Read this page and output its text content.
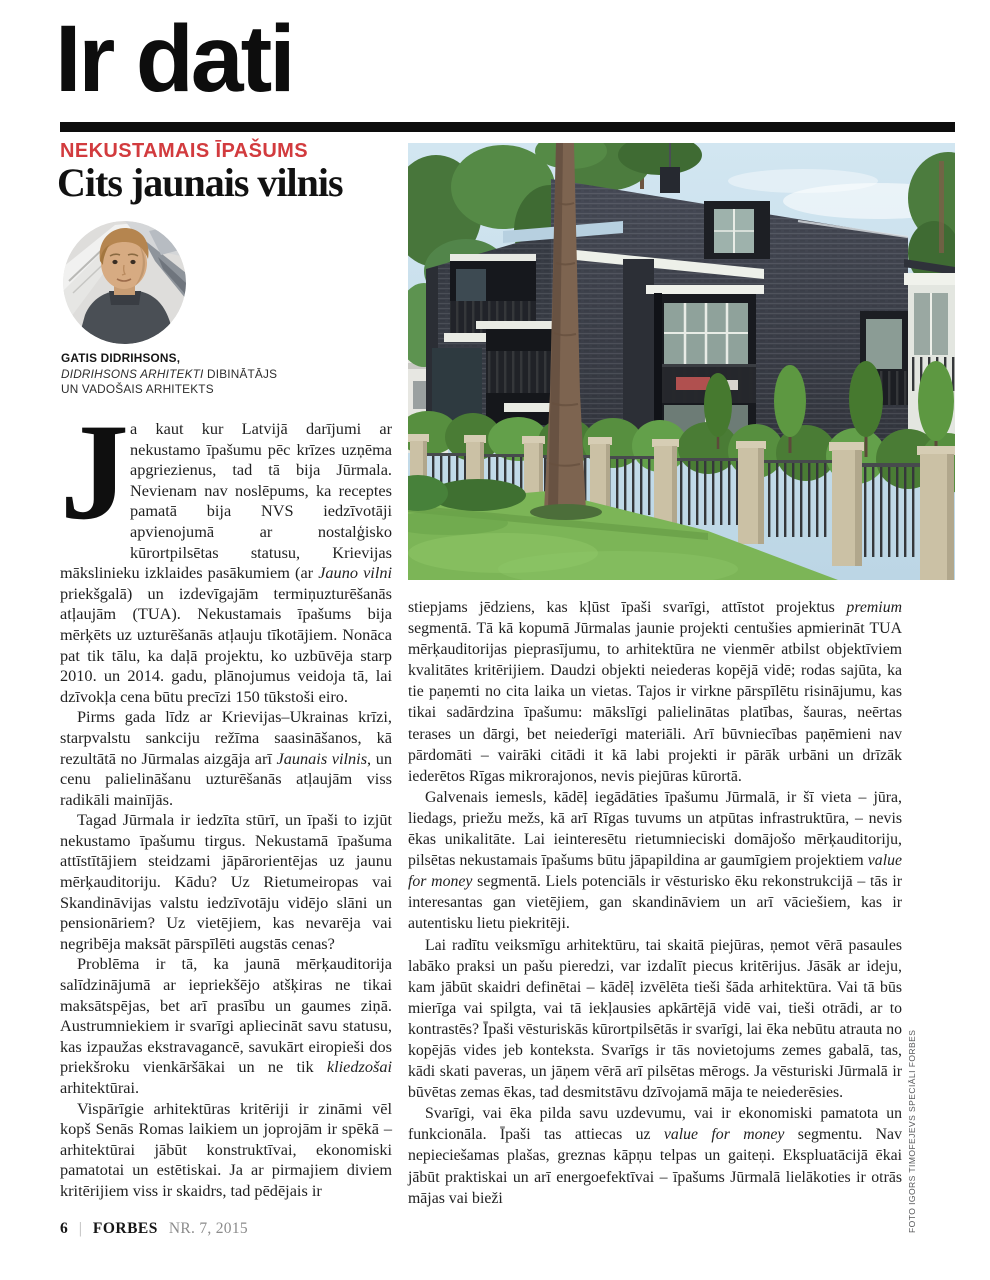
Ir dati
NEKUSTAMAIS ĪPAŠUMS
Cits jaunais vilnis
GATIS DIDRIHSONS,
DIDRIHSONS ARHITEKTI DIBINĀTĀJS
UN VADOŠAIS ARHITEKTS

Ja kaut kur Latvijā darījumi ar nekustamo īpašumu pēc krīzes uzņēma apgriezienus, tad tā bija Jūrmala. Nevienam nav noslēpums, ka receptes pamatā bija NVS iedzīvotāji apvienojumā ar nostalģisko kūrortpilsētas statusu, Krievijas mākslinieku izklaides pasākumiem (ar Jauno vilni priekšgalā) un izdevīgajām termiņuzturēšanās atļaujām (TUA). Nekustamais īpašums bija mērķēts uz uzturēšanās atļauju tīkotājiem. Nonāca pat tik tālu, ka daļā projektu, ko uzbūvēja starp 2010. un 2014. gadu, plānojumus veidoja tā, lai dzīvokļa cena būtu precīzi 150 tūkstoši eiro.

Pirms gada līdz ar Krievijas–Ukrainas krīzi, starpvalstu sankciju režīma saasināšanos, kā rezultātā no Jūrmalas aizgāja arī Jaunais vilnis, un cenu palielināšanu uzturēšanās atļaujām viss radikāli mainījās.

Tagad Jūrmala ir iedzīta stūrī, un īpaši to izjūt nekustamo īpašumu tirgus. Nekustamā īpašuma attīstītājiem steidzami jāpārorientējas uz jaunu mērķauditoriju. Kādu? Uz Rietumeiropas vai Skandināvijas valstu iedzīvotāju vidējo slāni un pensionāriem? Uz vietējiem, kas nevarēja vai negribēja maksāt pārspīlēti augstās cenas?

Problēma ir tā, ka jaunā mērķauditorija salīdzinājumā ar iepriekšējo atšķiras ne tikai maksātspējas, bet arī prasību un gaumes ziņā. Austrumniekiem ir svarīgi apliecināt savu statusu, kas izpaužas ekstravagancē, savukārt eiropieši dos priekšroku vienkāršākai un ne tik kliedzošai arhitektūrai.

Vispārīgie arhitektūras kritēriji ir zināmi vēl kopš Senās Romas laikiem un joprojām ir spēkā – arhitektūrai jābūt konstruktīvai, ekonomiski pamatotai un estētiskai. Ja ar pirmajiem diviem kritērijiem viss ir skaidrs, tad pēdējais ir

stiepjams jēdziens, kas kļūst īpaši svarīgi, attīstot projektus premium segmentā. Tā kā kopumā Jūrmalas jaunie projekti centušies apmierināt TUA mērķauditorijas pieprasījumu, to arhitektūra ne vienmēr atbilst objektīviem kvalitātes kritērijiem. Daudzi objekti neiederas kopējā vidē; rodas sajūta, ka tie paņemti no cita laika un vietas. Tajos ir virkne pārspīlētu risinājumu, kas tikai sadārdzina īpašumu: mākslīgi palielinātas platības, šauras, neērtas terases un dārgi, bet neiederīgi materiāli. Arī būvniecības paņēmieni nav pārdomāti – vairāki citādi it kā labi projekti ir pārāk urbāni un drīzāk iederētos Rīgas mikrorajonos, nevis piejūras kūrortā.

Galvenais iemesls, kādēļ iegādāties īpašumu Jūrmalā, ir šī vieta – jūra, liedags, priežu mežs, kā arī Rīgas tuvums un atpūtas infrastruktūra, – nevis ēkas unikalitāte. Lai ieinteresētu rietumnieciski domājošo mērķauditoriju, pilsētas nekustamais īpašums būtu jāpapildina ar gaumīgiem projektiem value for money segmentā. Liels potenciāls ir vēsturisko ēku rekonstrukcijā – tās ir interesantas gan vietējiem, gan skandināviem un arī vāciešiem, kas ir autentisku lietu piekritēji.

Lai radītu veiksmīgu arhitektūru, tai skaitā piejūras, ņemot vērā pasaules labāko praksi un pašu pieredzi, var izdalīt piecus kritērijus. Jāsāk ar ideju, kam jābūt skaidri definētai – kādēļ izvēlēta tieši šāda arhitektūra. Vai tā būs mierīga vai spilgta, vai tā iekļausies apkārtējā vidē vai, tieši otrādi, ar to kontrastēs? Īpaši vēsturiskās kūrortpilsētās ir svarīgi, lai ēka nebūtu atrauta no kopējās vides jeb konteksta. Svarīgs ir tās novietojums zemes gabalā, tas, kādi skati paveras, un jāņem vērā arī pilsētas mērogs. Ja vēsturiski Jūrmalā ir būvētas zemas ēkas, tad desmitstāvu dzīvojamā māja te neiederēsies.

Svarīgi, vai ēka pilda savu uzdevumu, vai ir ekonomiski pamatota un funkcionāla. Īpaši tas attiecas uz value for money segmentu. Nav nepieciešamas plašas, greznas kāpņu telpas un gaiteņi. Ekspluatācijā ēkai jābūt praktiskai un arī energoefektīvai – īpašums Jūrmalā lielākoties ir otrās mājas vai bieži	FOTO IGORS TIMOFEJEVS SPECIĀLI FORBES
6 | FORBES NR. 7, 2015
